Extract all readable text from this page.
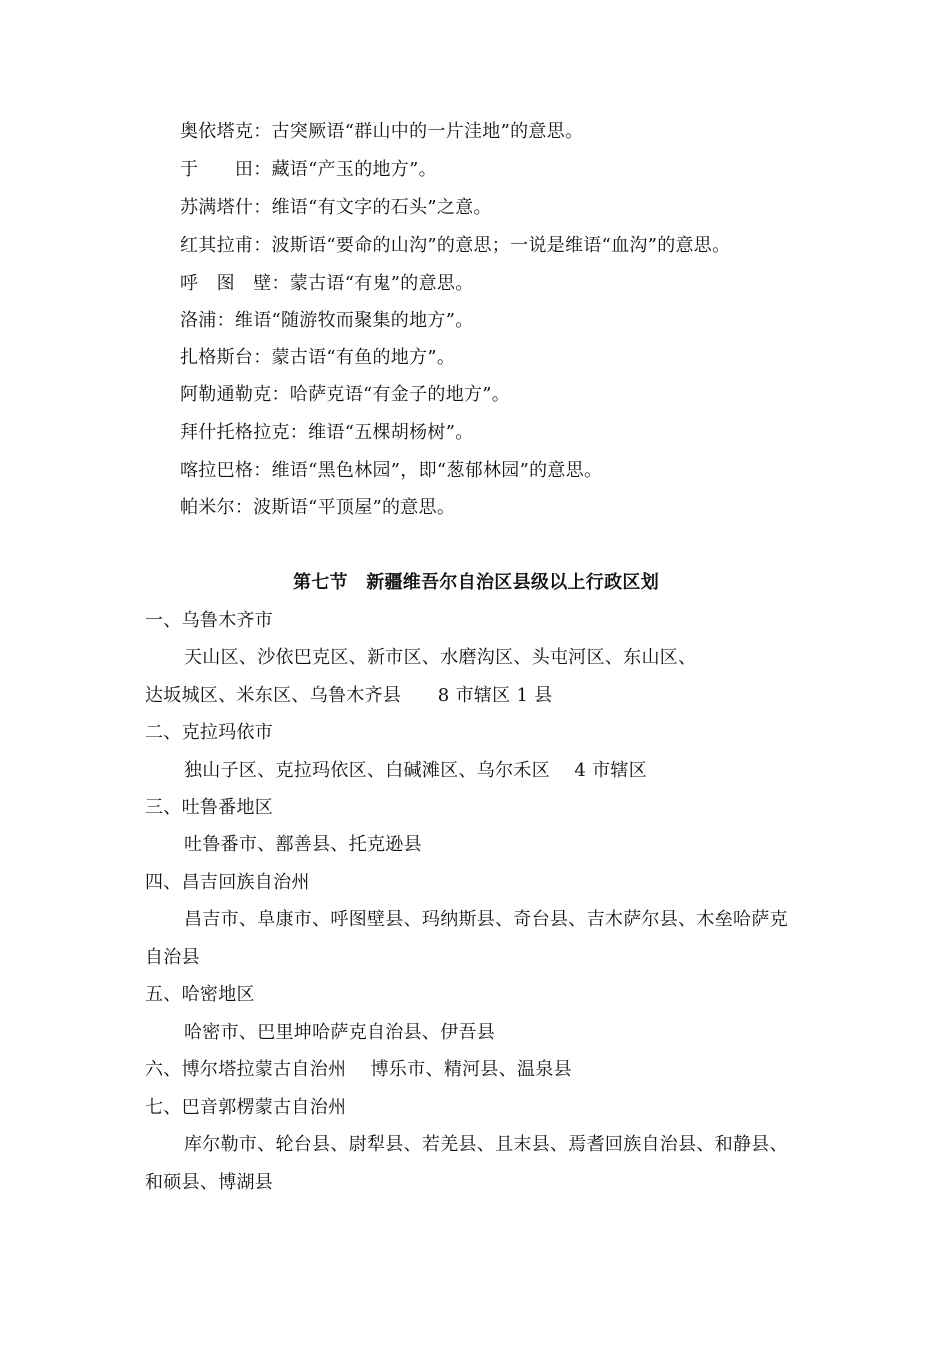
奥依塔克：古突厥语“群山中的一片洼地”的意思。
于　　田：藏语“产玉的地方”。
苏满塔什：维语“有文字的石头”之意。
红其拉甫：波斯语“要命的山沟”的意思；一说是维语“血沟”的意思。
呼　图　壁：蒙古语“有鬼”的意思。
洛浦：维语“随游牧而聚集的地方”。
扎格斯台：蒙古语“有鱼的地方”。
阿勒通勒克：哈萨克语“有金子的地方”。
拜什托格拉克：维语“五棵胡杨树”。
喀拉巴格：维语“黑色林园”，即“葱郁林园”的意思。
帕米尔：波斯语“平顶屋”的意思。
第七节　新疆维吾尔自治区县级以上行政区划
一、乌鲁木齐市
天山区、沙依巴克区、新市区、水磨沟区、头屯河区、东山区、
达坂城区、米东区、乌鲁木齐县　　8 市辖区 1 县
二、克拉玛依市
独山子区、克拉玛依区、白碱滩区、乌尔禾区　 4 市辖区
三、吐鲁番地区
吐鲁番市、鄯善县、托克逊县
四、昌吉回族自治州
昌吉市、阜康市、呼图壁县、玛纳斯县、奇台县、吉木萨尔县、木垒哈萨克
自治县
五、哈密地区
哈密市、巴里坤哈萨克自治县、伊吾县
六、博尔塔拉蒙古自治州　 博乐市、精河县、温泉县
七、巴音郭楞蒙古自治州
库尔勒市、轮台县、尉犁县、若羌县、且末县、焉耆回族自治县、和静县、
和硕县、博湖县
